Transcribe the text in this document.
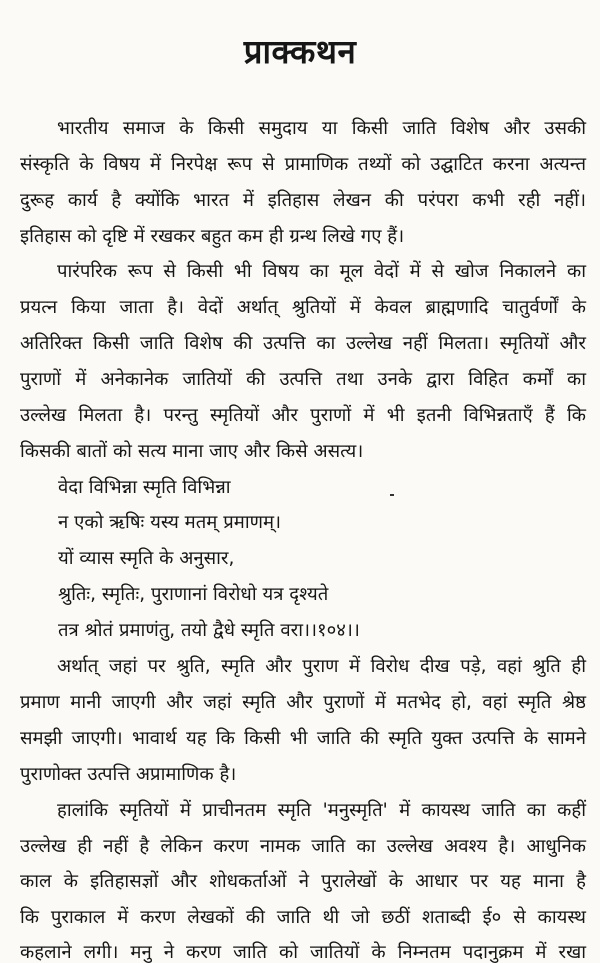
प्राक्कथन
भारतीय समाज के किसी समुदाय या किसी जाति विशेष और उसकी
संस्कृति के विषय में निरपेक्ष रूप से प्रामाणिक तथ्यों को उद्घाटित करना अत्यन्त
दुरूह कार्य है क्योंकि भारत में इतिहास लेखन की परंपरा कभी रही नहीं।
इतिहास को दृष्टि में रखकर बहुत कम ही ग्रन्थ लिखे गए हैं।
पारंपरिक रूप से किसी भी विषय का मूल वेदों में से खोज निकालने का
प्रयत्न किया जाता है। वेदों अर्थात् श्रुतियों में केवल ब्राह्मणादि चातुर्वर्णों के
अतिरिक्त किसी जाति विशेष की उत्पत्ति का उल्लेख नहीं मिलता। स्मृतियों और
पुराणों में अनेकानेक जातियों की उत्पत्ति तथा उनके द्वारा विहित कर्मों का
उल्लेख मिलता है। परन्तु स्मृतियों और पुराणों में भी इतनी विभिन्नताएँ हैं कि
किसकी बातों को सत्य माना जाए और किसे असत्य।
वेदा विभिन्ना स्मृति विभिन्ना
न एको ऋषिः यस्य मतम् प्रमाणम्।
यों व्यास स्मृति के अनुसार,
श्रुतिः, स्मृतिः, पुराणानां विरोधो यत्र दृश्यते
तत्र श्रोतं प्रमाणंतु, तयो द्वैधे स्मृति वरा।।१०४।।
अर्थात् जहां पर श्रुति, स्मृति और पुराण में विरोध दीख पड़े, वहां श्रुति ही
प्रमाण मानी जाएगी और जहां स्मृति और पुराणों में मतभेद हो, वहां स्मृति श्रेष्ठ
समझी जाएगी। भावार्थ यह कि किसी भी जाति की स्मृति युक्त उत्पत्ति के सामने
पुराणोक्त उत्पत्ति अप्रामाणिक है।
हालांकि स्मृतियों में प्राचीनतम स्मृति 'मनुस्मृति' में कायस्थ जाति का कहीं
उल्लेख ही नहीं है लेकिन करण नामक जाति का उल्लेख अवश्य है। आधुनिक
काल के इतिहासज्ञों और शोधकर्ताओं ने पुरालेखों के आधार पर यह माना है
कि पुराकाल में करण लेखकों की जाति थी जो छठीं शताब्दी ई० से कायस्थ
कहलाने लगी। मनु ने करण जाति को जातियों के निम्नतम पदानुक्रम में रखा
